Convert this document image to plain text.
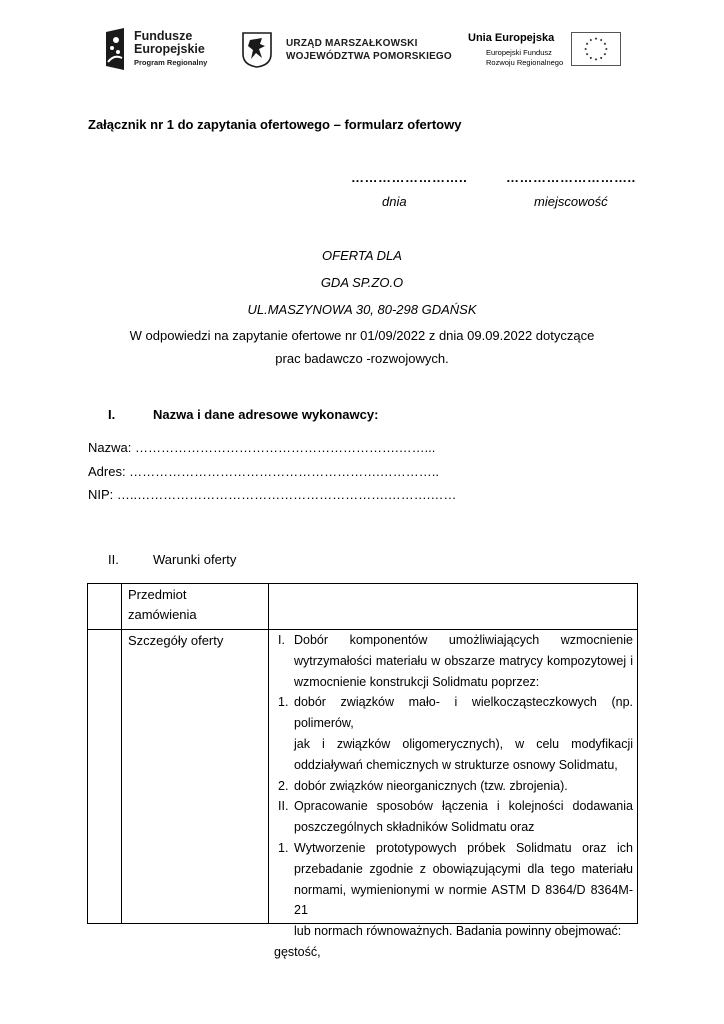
Fundusze
Europejskie
Program Regionalny
URZĄD MARSZAŁKOWSKI
WOJEWÓDZTWA POMORSKIEGO
Unia Europejska
Europejski Fundusz
Rozwoju Regionalnego
Załącznik nr 1 do zapytania ofertowego – formularz ofertowy
……………………..	………………………..
dnia	miejscowość
OFERTA DLA
GDA SP.ZO.O
UL.MASZYNOWA 30, 80-298 GDAŃSK
W odpowiedzi na zapytanie ofertowe nr 01/09/2022 z dnia 09.09.2022 dotyczące
prac badawczo -rozwojowych.
I.	Nazwa i dane adresowe wykonawcy:
Nazwa: …………………………………………………….……...
Adres: ………………………………………………….…………..
NIP: …..………………………………………………….……….……
II.	Warunki oferty
Przedmiot
zamówienia
Szczegóły oferty	I. Dobór komponentów umożliwiających wzmocnienie
wytrzymałości materiału w obszarze matrycy kompozytowej i
wzmocnienie konstrukcji Solidmatu poprzez:
1. dobór związków mało- i wielkocząsteczkowych (np. polimerów,
jak i związków oligomerycznych), w celu modyfikacji
oddziaływań chemicznych w strukturze osnowy Solidmatu,
2. dobór związków nieorganicznych (tzw. zbrojenia).
II. Opracowanie sposobów łączenia i kolejności dodawania
poszczególnych składników Solidmatu oraz
1. Wytworzenie prototypowych próbek Solidmatu oraz ich
przebadanie zgodnie z obowiązującymi dla tego materiału
normami, wymienionymi w normie ASTM D 8364/D 8364M-21
lub normach równoważnych. Badania powinny obejmować:
gęstość,
